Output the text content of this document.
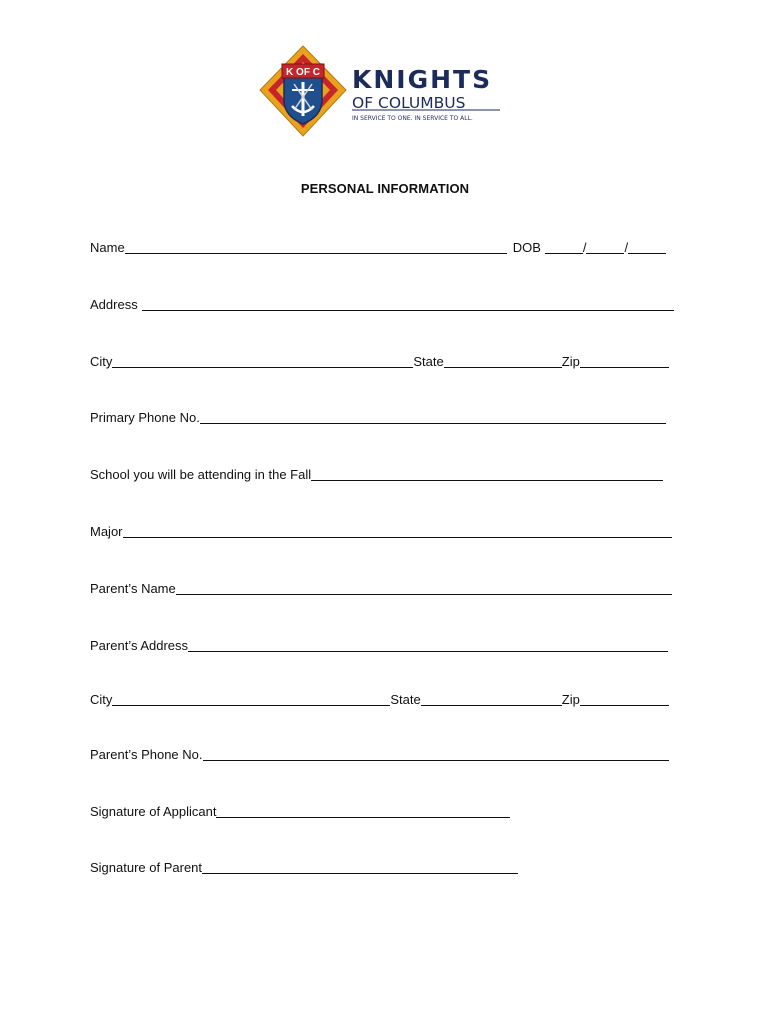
K OF C KNIGHTS
OF COLUMBUS
IN SERVICE TO ONE. IN SERVICE TO ALL.
PERSONAL INFORMATION
Name	DOB	/	/
Address
City	State	Zip
Primary Phone No.
School you will be attending in the Fall
Major
Parent’s Name
Parent’s Address
City	State	Zip
Parent’s Phone No.
Signature of Applicant
Signature of Parent
